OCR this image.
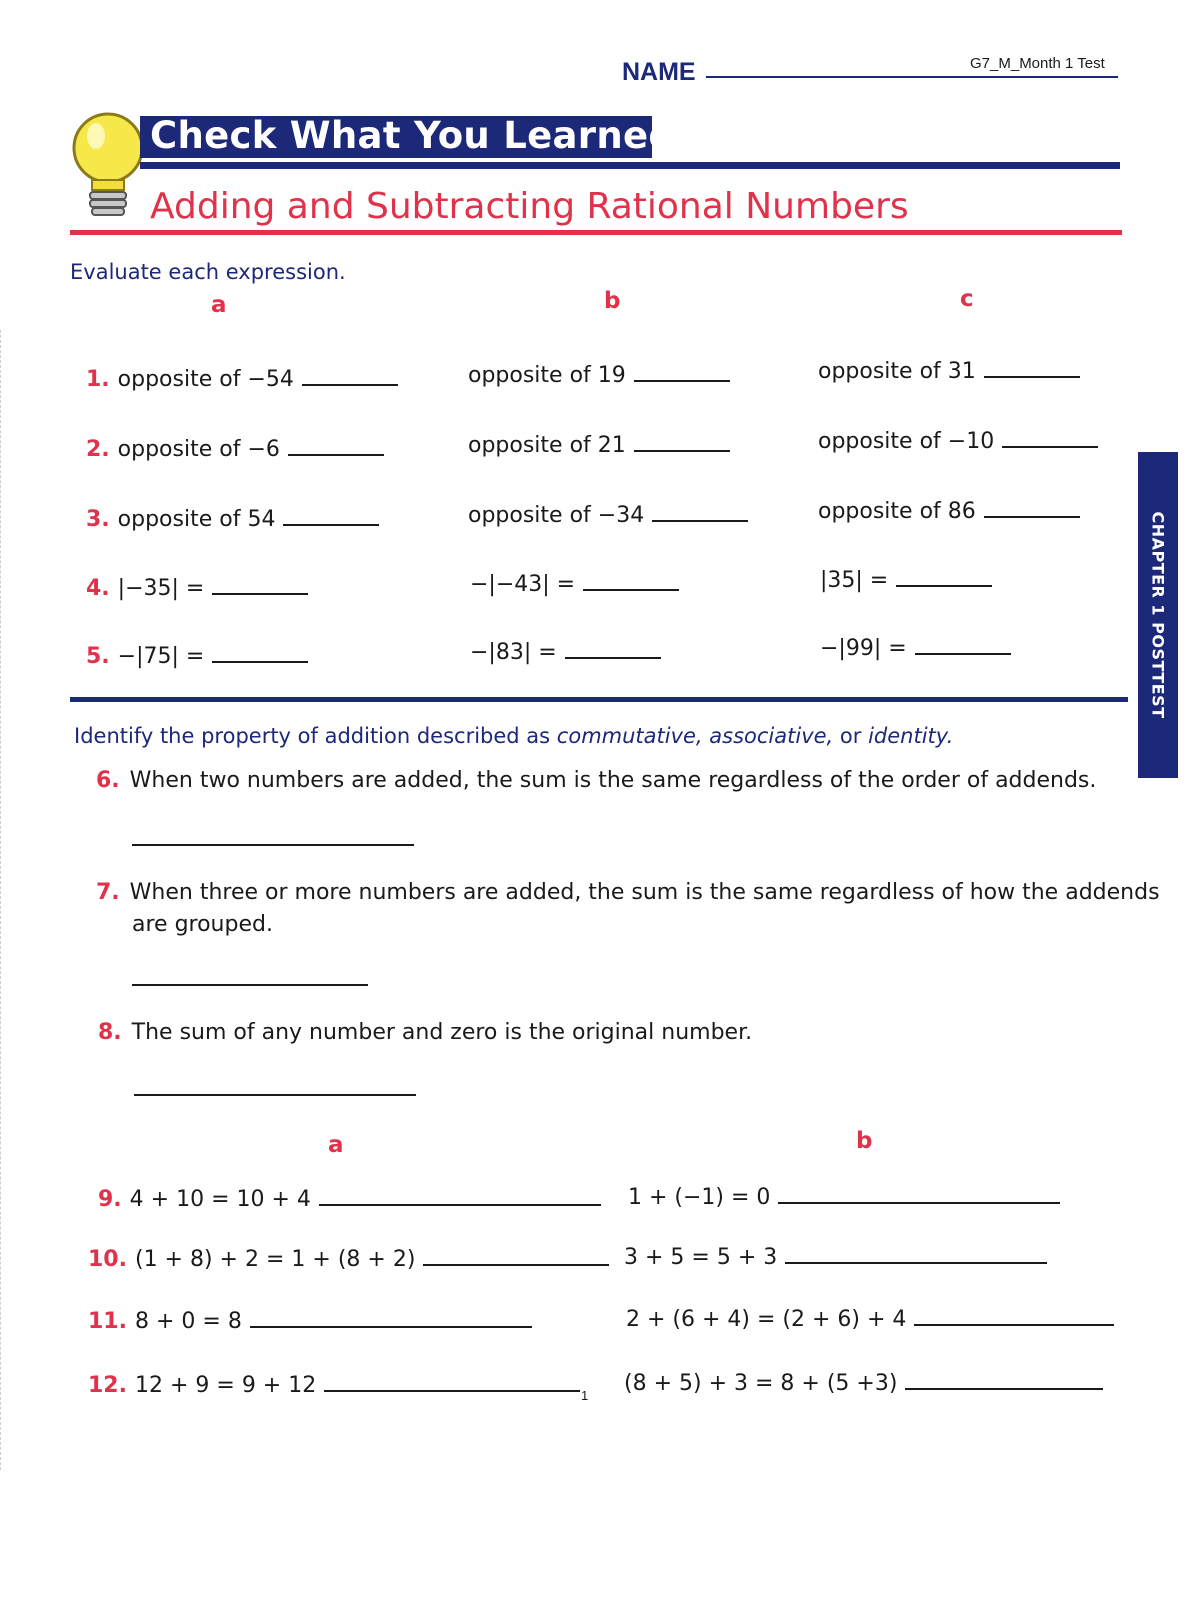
NAME	G7_M_Month 1 Test
Check What You Learned
Adding and Subtracting Rational Numbers
CHAPTER 1 POSTTEST
Evaluate each expression.
a	b	c
1. opposite of −54	opposite of 19	opposite of 31
2. opposite of −6	opposite of 21	opposite of −10
3. opposite of 54	opposite of −34	opposite of 86
4. |−35| =	−|−43| =	|35| =
5. −|75| =	−|83| =	−|99| =
Identify the property of addition described as commutative, associative, or identity.
6. When two numbers are added, the sum is the same regardless of the order of addends.
7. When three or more numbers are added, the sum is the same regardless of how the addends
are grouped.
8. The sum of any number and zero is the original number.
a	b
9. 4 + 10 = 10 + 4	1 + (−1) = 0
10. (1 + 8) + 2 = 1 + (8 + 2)	3 + 5 = 5 + 3
11. 8 + 0 = 8	2 + (6 + 4) = (2 + 6) + 4
12. 12 + 9 = 9 + 12	(8 + 5) + 3 = 8 + (5 +3)
1
